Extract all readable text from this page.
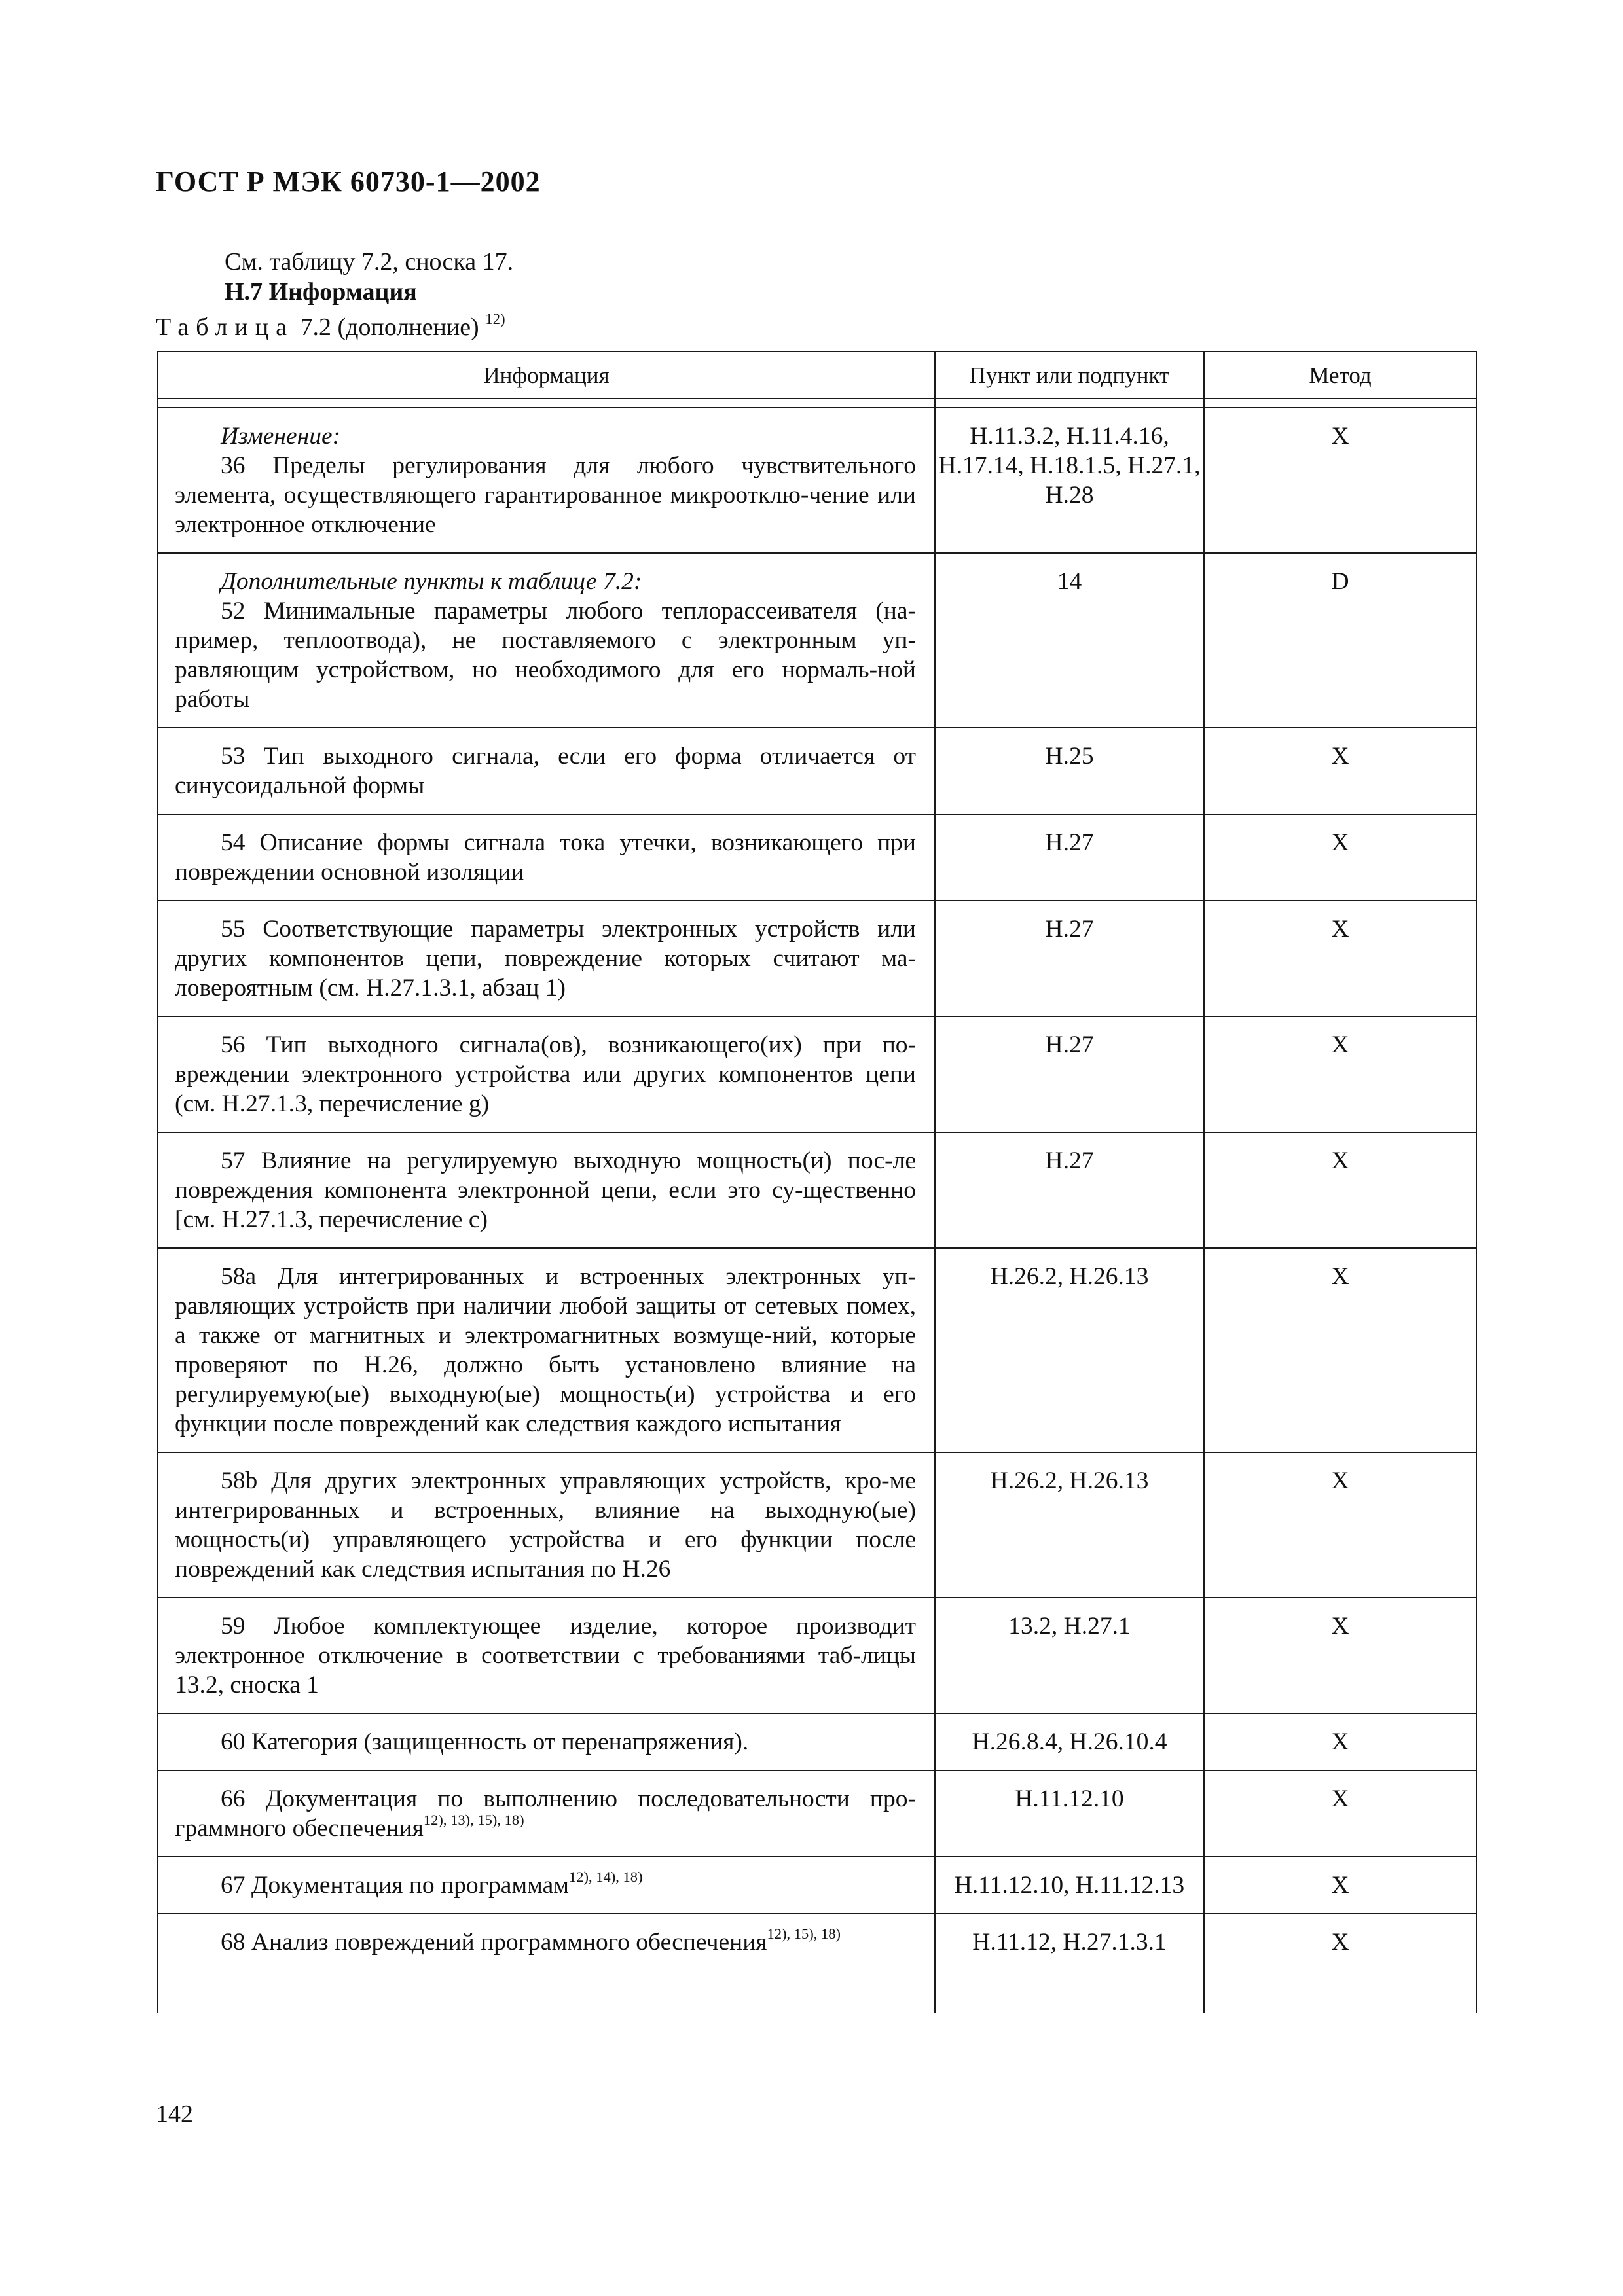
ГОСТ Р МЭК 60730-1—2002
См. таблицу 7.2, сноска 17.
Н.7 Информация
Таблица 7.2 (дополнение) $^{12)}$
Информация	Пункт или подпункт	Метод

Изменение:
36 Пределы регулирования для любого чувствительного элемента, осуществляющего гарантированное микроотклю-чение или электронное отключение	H.11.3.2, H.11.4.16, H.17.14, H.18.1.5, H.27.1, H.28	X

Дополнительные пункты к таблице 7.2:
52 Минимальные параметры любого теплорассеивателя (на-пример, теплоотвода), не поставляемого с электронным уп-равляющим устройством, но необходимого для его нормаль-ной работы	14	D

53 Тип выходного сигнала, если его форма отличается от синусоидальной формы	H.25	X

54 Описание формы сигнала тока утечки, возникающего при повреждении основной изоляции	H.27	X

55 Соответствующие параметры электронных устройств или других компонентов цепи, повреждение которых считают ма-ловероятным (см. Н.27.1.3.1, абзац 1)	H.27	X

56 Тип выходного сигнала(ов), возникающего(их) при по-вреждении электронного устройства или других компонентов цепи (см. Н.27.1.3, перечисление g)	H.27	X

57 Влияние на регулируемую выходную мощность(и) пос-ле повреждения компонента электронной цепи, если это су-щественно [см. Н.27.1.3, перечисление с)	H.27	X

58a Для интегрированных и встроенных электронных уп-равляющих устройств при наличии любой защиты от сетевых помех, а также от магнитных и электромагнитных возмуще-ний, которые проверяют по Н.26, должно быть установлено влияние на регулируемую(ые) выходную(ые) мощность(и) устройства и его функции после повреждений как следствия каждого испытания	H.26.2, H.26.13	X

58b Для других электронных управляющих устройств, кро-ме интегрированных и встроенных, влияние на выходную(ые) мощность(и) управляющего устройства и его функции после повреждений как следствия испытания по Н.26	H.26.2, H.26.13	X

59 Любое комплектующее изделие, которое производит электронное отключение в соответствии с требованиями таб-лицы 13.2, сноска 1	13.2, H.27.1	X

60 Категория (защищенность от перенапряжения).	H.26.8.4, H.26.10.4	X

66 Документация по выполнению последовательности про-граммного обеспечения$^{12), 13), 15), 18)}$	H.11.12.10	X

67 Документация по программам$^{12), 14), 18)}$	H.11.12.10, H.11.12.13	X

68 Анализ повреждений программного обеспечения$^{12), 15), 18)}$	H.11.12, H.27.1.3.1	X
142
